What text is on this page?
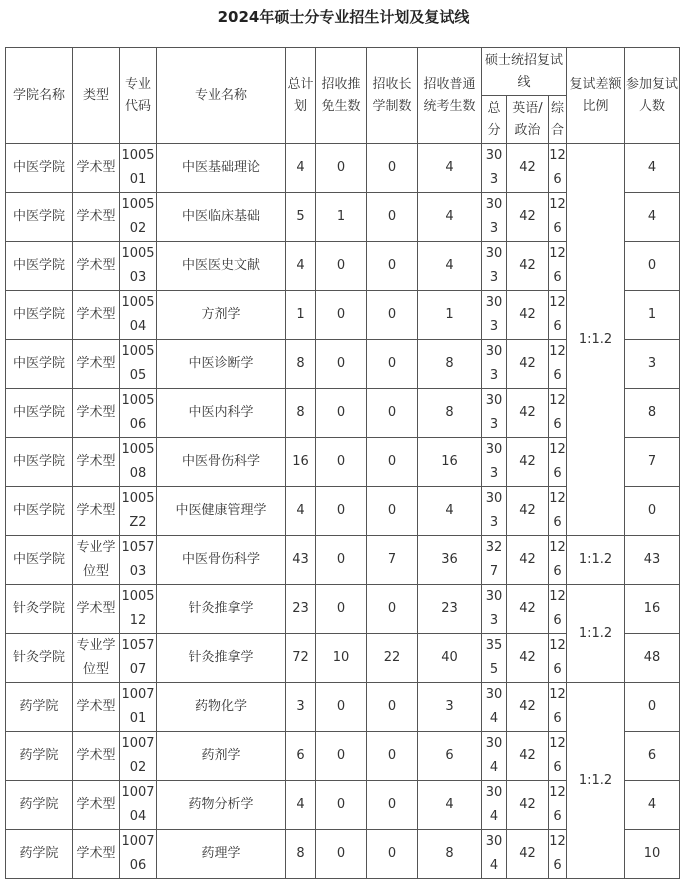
2024年硕士分专业招生计划及复试线
学院名称	类型	专业代码	专业名称	总计划	招收推免生数	招收长学制数	招收普通统考生数	硕士统招复试线			复试差额比例	参加复试人数
								总分	英语/政治	综合		
中医学院	学术型	100501	中医基础理论	4	0	0	4	303	42	126	1:1.2	4
中医学院	学术型	100502	中医临床基础	5	1	0	4	303	42	126		4
中医学院	学术型	100503	中医医史文献	4	0	0	4	303	42	126		0
中医学院	学术型	100504	方剂学	1	0	0	1	303	42	126		1
中医学院	学术型	100505	中医诊断学	8	0	0	8	303	42	126		3
中医学院	学术型	100506	中医内科学	8	0	0	8	303	42	126		8
中医学院	学术型	100508	中医骨伤科学	16	0	0	16	303	42	126		7
中医学院	学术型	1005Z2	中医健康管理学	4	0	0	4	303	42	126		0
中医学院	专业学位型	105703	中医骨伤科学	43	0	7	36	327	42	126	1:1.2	43
针灸学院	学术型	100512	针灸推拿学	23	0	0	23	303	42	126	1:1.2	16
针灸学院	专业学位型	105707	针灸推拿学	72	10	22	40	355	42	126		48
药学院	学术型	100701	药物化学	3	0	0	3	304	42	126	1:1.2	0
药学院	学术型	100702	药剂学	6	0	0	6	304	42	126		6
药学院	学术型	100704	药物分析学	4	0	0	4	304	42	126		4
药学院	学术型	100706	药理学	8	0	0	8	304	42	126		10
